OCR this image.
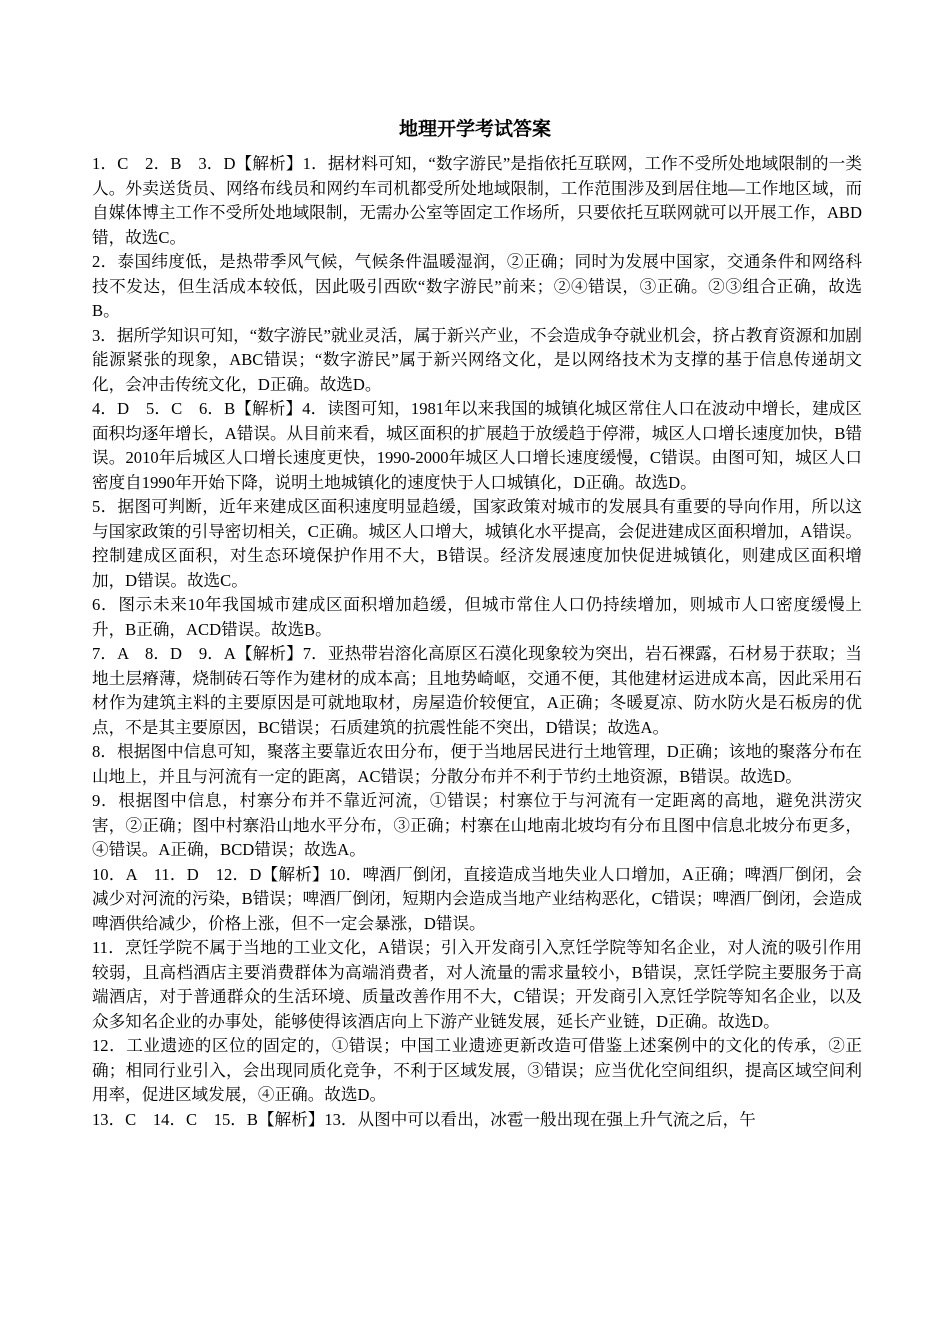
地理开学考试答案

1．C　2．B　3．D【解析】1．据材料可知，“数字游民”是指依托互联网，工作不受所处地域限制的一类人。外卖送货员、网络布线员和网约车司机都受所处地域限制，工作范围涉及到居住地—工作地区域，而自媒体博主工作不受所处地域限制，无需办公室等固定工作场所，只要依托互联网就可以开展工作，ABD错，故选C。

2．泰国纬度低，是热带季风气候，气候条件温暖湿润，②正确；同时为发展中国家，交通条件和网络科技不发达，但生活成本较低，因此吸引西欧“数字游民”前来；②④错误，③正确。②③组合正确，故选B。

3．据所学知识可知，“数字游民”就业灵活，属于新兴产业，不会造成争夺就业机会，挤占教育资源和加剧能源紧张的现象，ABC错误；“数字游民”属于新兴网络文化，是以网络技术为支撑的基于信息传递胡文化，会冲击传统文化，D正确。故选D。

4．D　5．C　6．B【解析】4．读图可知，1981年以来我国的城镇化城区常住人口在波动中增长，建成区面积均逐年增长，A错误。从目前来看，城区面积的扩展趋于放缓趋于停滞，城区人口增长速度加快，B错误。2010年后城区人口增长速度更快，1990-2000年城区人口增长速度缓慢，C错误。由图可知，城区人口密度自1990年开始下降，说明土地城镇化的速度快于人口城镇化，D正确。故选D。

5．据图可判断，近年来建成区面积速度明显趋缓，国家政策对城市的发展具有重要的导向作用，所以这与国家政策的引导密切相关，C正确。城区人口增大，城镇化水平提高，会促进建成区面积增加，A错误。控制建成区面积，对生态环境保护作用不大，B错误。经济发展速度加快促进城镇化，则建成区面积增加，D错误。故选C。

6．图示未来10年我国城市建成区面积增加趋缓，但城市常住人口仍持续增加，则城市人口密度缓慢上升，B正确，ACD错误。故选B。

7．A　8．D　9．A【解析】7．亚热带岩溶化高原区石漠化现象较为突出，岩石裸露，石材易于获取；当地土层瘠薄，烧制砖石等作为建材的成本高；且地势崎岖，交通不便，其他建材运进成本高，因此采用石材作为建筑主料的主要原因是可就地取材，房屋造价较便宜，A正确；冬暖夏凉、防水防火是石板房的优点，不是其主要原因，BC错误；石质建筑的抗震性能不突出，D错误；故选A。

8．根据图中信息可知，聚落主要靠近农田分布，便于当地居民进行土地管理，D正确；该地的聚落分布在山地上，并且与河流有一定的距离，AC错误；分散分布并不利于节约土地资源，B错误。故选D。

9．根据图中信息，村寨分布并不靠近河流，①错误；村寨位于与河流有一定距离的高地，避免洪涝灾害，②正确；图中村寨沿山地水平分布，③正确；村寨在山地南北坡均有分布且图中信息北坡分布更多，④错误。A正确，BCD错误；故选A。

10．A　11．D　12．D【解析】10．啤酒厂倒闭，直接造成当地失业人口增加，A正确；啤酒厂倒闭，会减少对河流的污染，B错误；啤酒厂倒闭，短期内会造成当地产业结构恶化，C错误；啤酒厂倒闭，会造成啤酒供给减少，价格上涨，但不一定会暴涨，D错误。

11．烹饪学院不属于当地的工业文化，A错误；引入开发商引入烹饪学院等知名企业，对人流的吸引作用较弱，且高档酒店主要消费群体为高端消费者，对人流量的需求量较小，B错误，烹饪学院主要服务于高端酒店，对于普通群众的生活环境、质量改善作用不大，C错误；开发商引入烹饪学院等知名企业，以及众多知名企业的办事处，能够使得该酒店向上下游产业链发展，延长产业链，D正确。故选D。

12．工业遗迹的区位的固定的，①错误；中国工业遗迹更新改造可借鉴上述案例中的文化的传承，②正确；相同行业引入，会出现同质化竞争，不利于区域发展，③错误；应当优化空间组织，提高区域空间利用率，促进区域发展，④正确。故选D。

13．C　14．C　15．B【解析】13．从图中可以看出，冰雹一般出现在强上升气流之后，午
